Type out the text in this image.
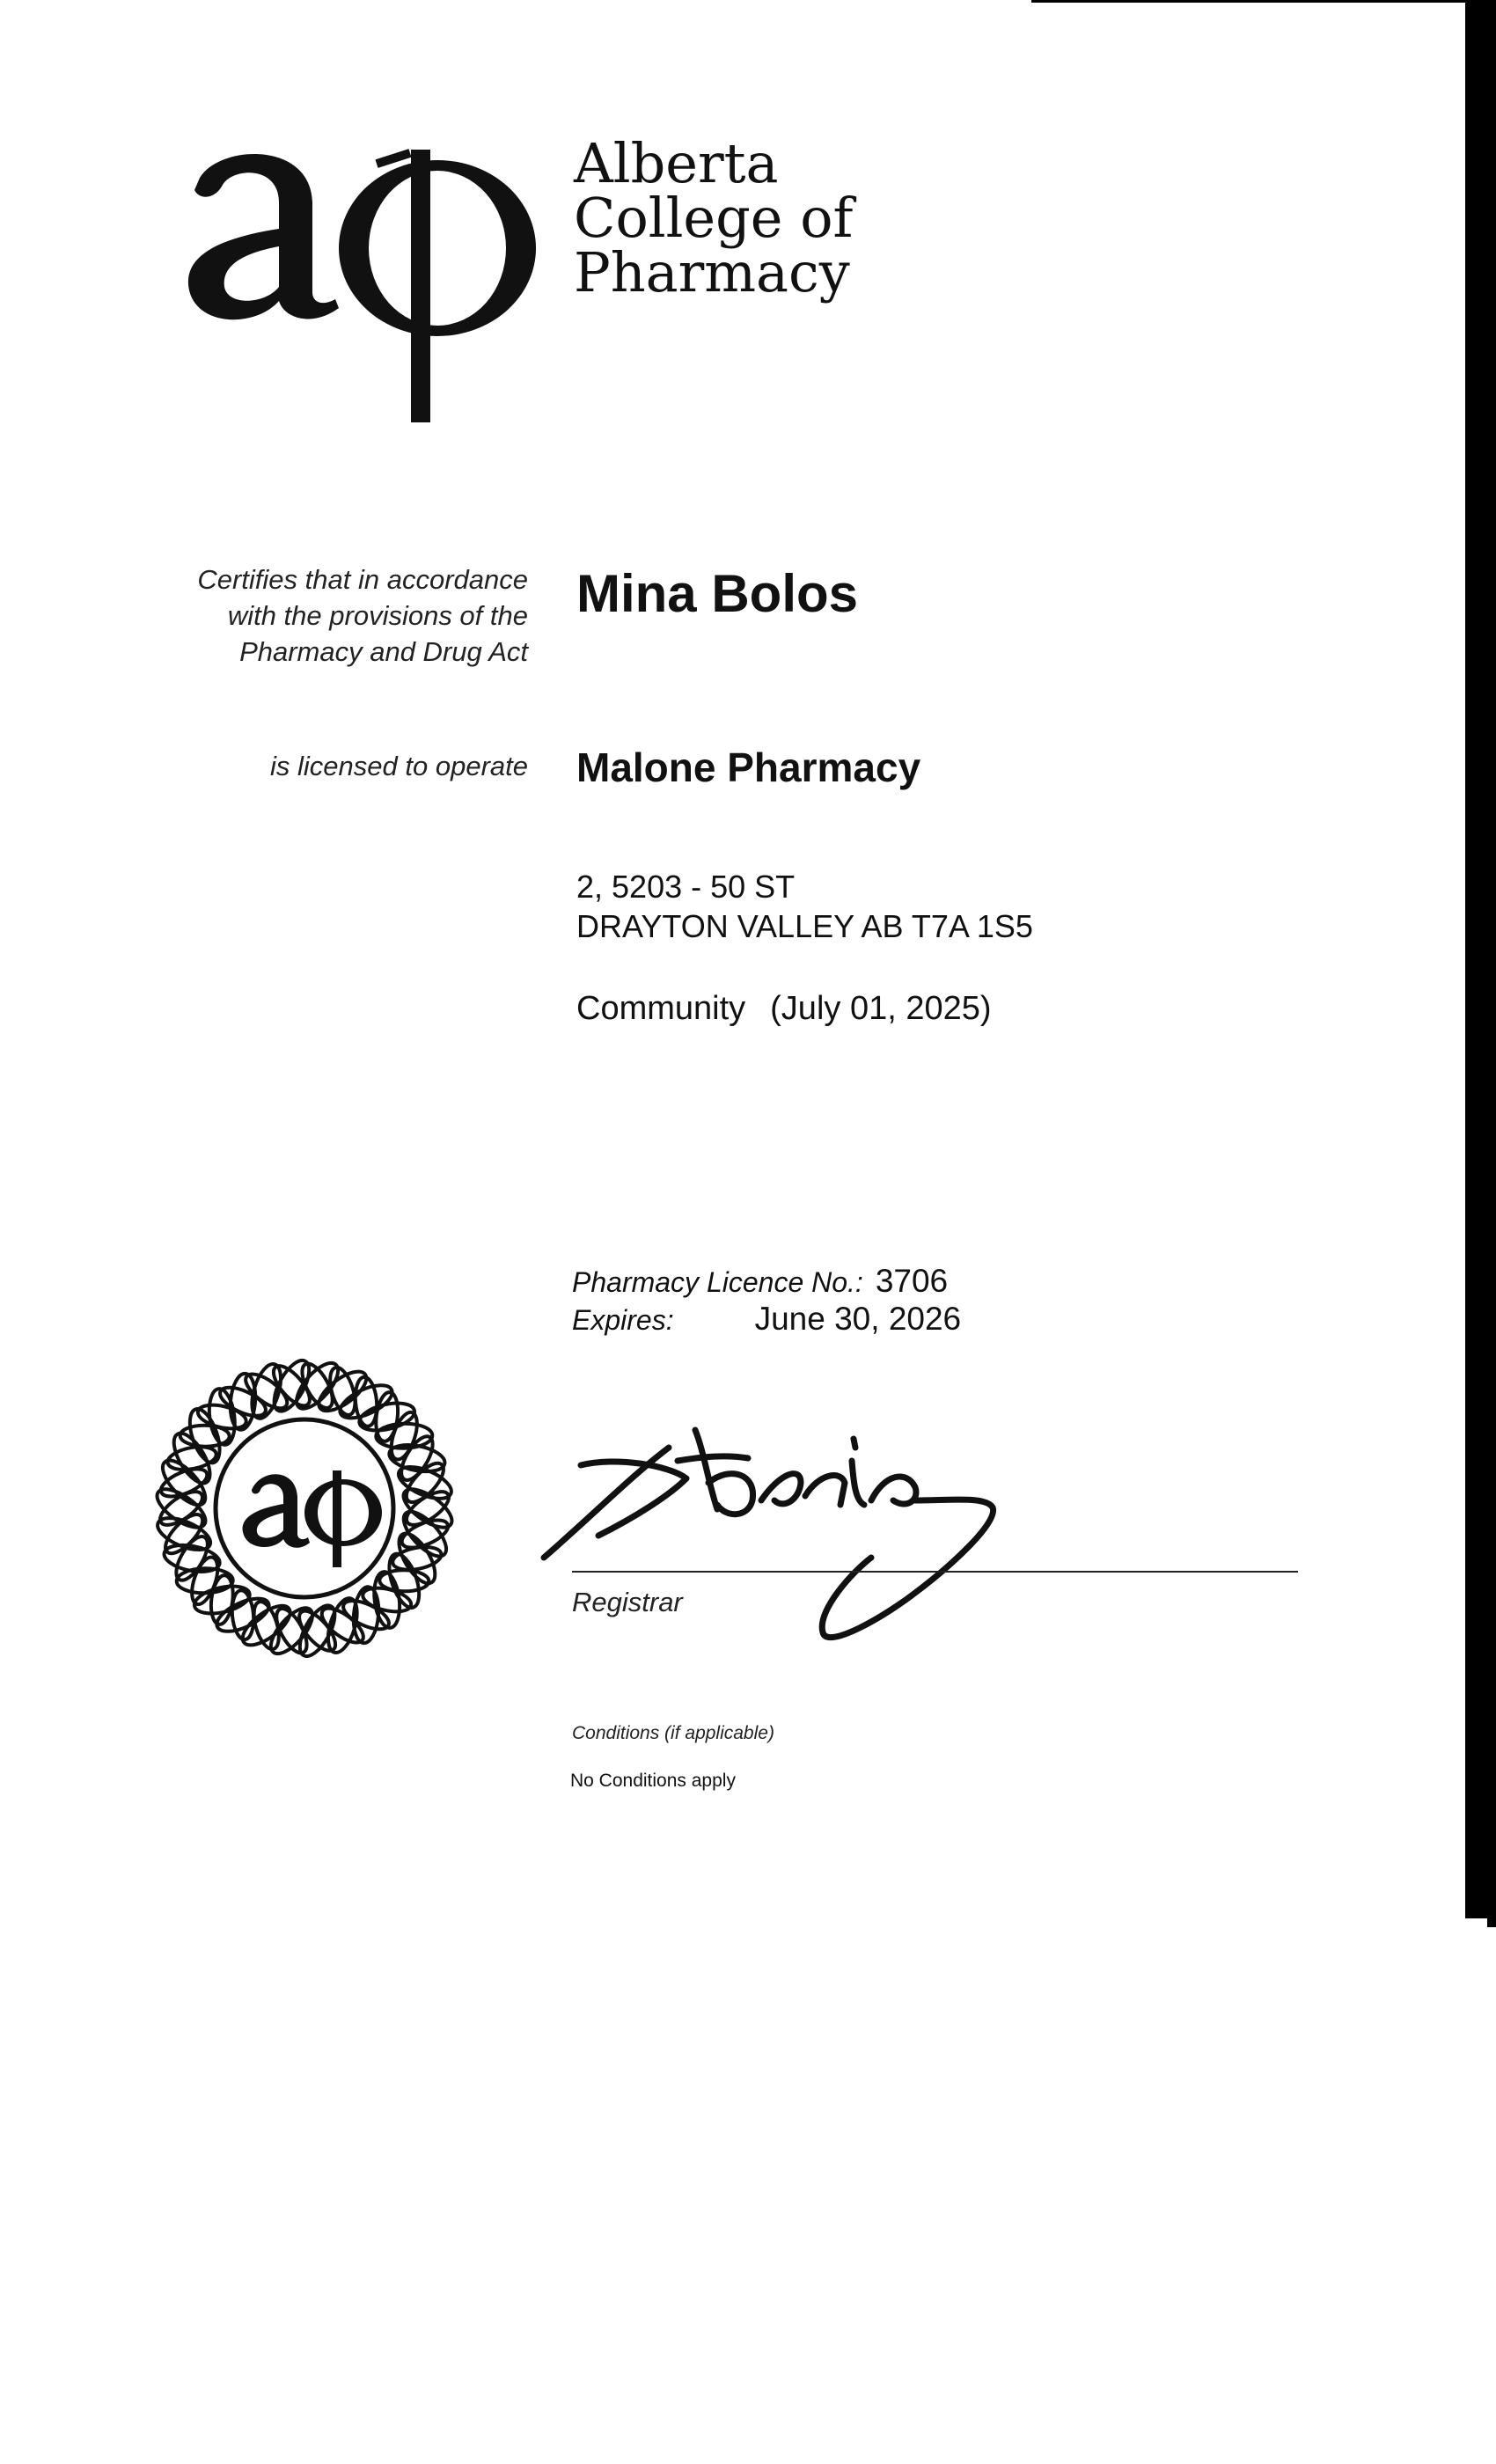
Alberta
College of
Pharmacy
Certifies that in accordance
with the provisions of the
Pharmacy and Drug Act
Mina Bolos
is licensed to operate Malone Pharmacy
2, 5203 - 50 ST
DRAYTON VALLEY AB T7A 1S5
Community (July 01, 2025)
Pharmacy Licence No.: 3706
Expires: June 30, 2026
Registrar
Conditions (if applicable)
No Conditions apply
